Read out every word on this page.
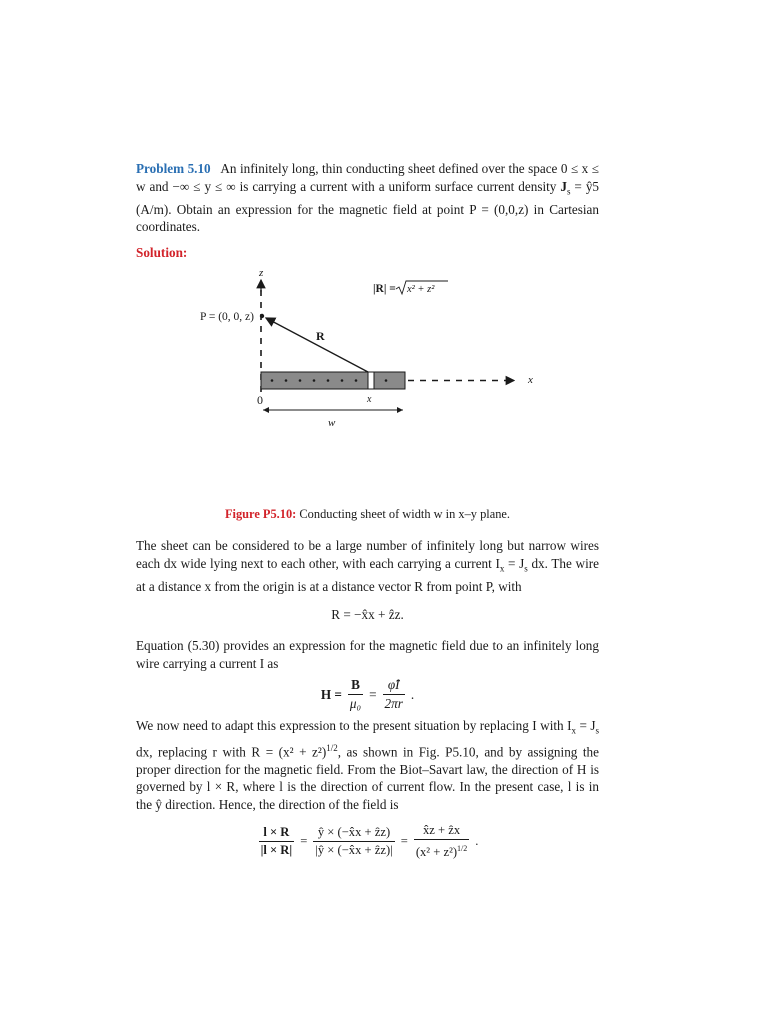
Problem 5.10 An infinitely long, thin conducting sheet defined over the space 0 ≤ x ≤ w and −∞ ≤ y ≤ ∞ is carrying a current with a uniform surface current density $J_s$ = ŷ5 (A/m). Obtain an expression for the magnetic field at point P = (0,0,z) in Cartesian coordinates.

Solution:

z
x
0	x
w
P = (0, 0, z)
R
|R| = x² + z²
Figure P5.10: Conducting sheet of width w in x–y plane.

The sheet can be considered to be a large number of infinitely long but narrow wires each dx wide lying next to each other, with each carrying a current $I_x = J_s$ dx. The wire at a distance x from the origin is at a distance vector R from point P, with

R = −x̂x + ẑz.

Equation (5.30) provides an expression for the magnetic field due to an infinitely long wire carrying a current I as

$H = \frac{B}{\text{μ₀}} = \frac{\varphîI}{2\pi r}$ .

We now need to adapt this expression to the present situation by replacing I with $I_x = J_s$ dx, replacing r with $R = (x^2 + z^2)^{1/2}$, as shown in Fig. P5.10, and by assigning the proper direction for the magnetic field. From the Biot–Savart law, the direction of H is governed by l × R, where l is the direction of current flow. In the present case, l is in the ŷ direction. Hence, the direction of the field is

$\frac{l \times R}{|l \times R|} = \frac{\text{ŷ × (−x̂x + ẑz)}}{\text{|ŷ × (−x̂x + ẑz)|}} = \frac{\text{x̂z + ẑx}}{(x^2 + z^2)^{1/2}}$ .
